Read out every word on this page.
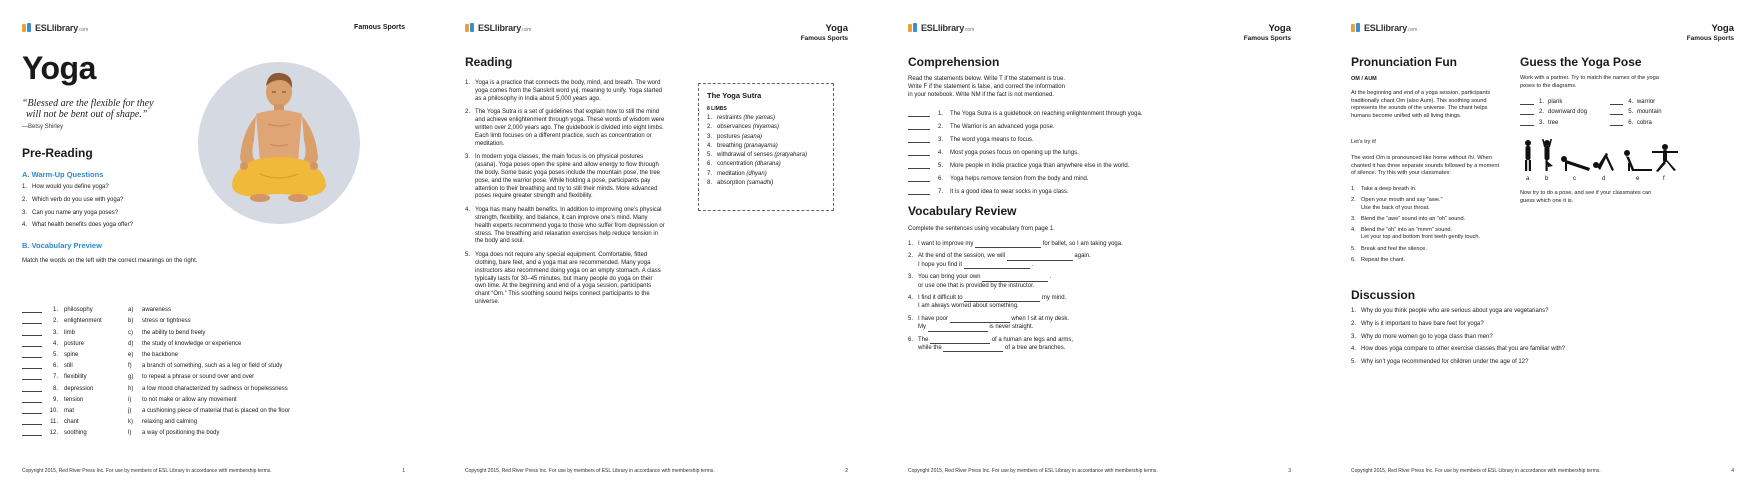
ESLlibrary.com	Famous Sports
Yoga
“Blessed are the flexible for they
will not be bent out of shape.”
—Betsy Shirley
Pre-Reading
A. Warm-Up Questions
1. How would you define yoga?
2. Which verb do you use with yoga?
3. Can you name any yoga poses?
4. What health benefits does yoga offer?
B. Vocabulary Preview
Match the words on the left with the correct meanings on the right.
1. philosophy	a)	awareness
2. enlightenment	b)	stress or tightness
3. limb	c)	the ability to bend freely
4. posture	d)	the study of knowledge or experience
5. spine	e)	the backbone
6. still	f)	a branch of something, such as a leg or field of study
7. flexibility	g)	to repeat a phrase or sound over and over
8. depression	h)	a low mood characterized by sadness or hopelessness
9. tension	i)	to not make or allow any movement
10. mat	j)	a cushioning piece of material that is placed on the floor
11. chant	k)	relaxing and calming
12. soothing	l)	a way of positioning the body
Copyright 2015, Red River Press Inc. For use by members of ESL Library in accordance with membership terms.	1
ESLlibrary.com	Yoga
Famous Sports
Reading
1. Yoga is a practice that connects the body, mind, and breath. The word yoga comes from the Sanskrit word yuj, meaning to unify. Yoga started as a philosophy in India about 5,000 years ago.
2. The Yoga Sutra is a set of guidelines that explain how to still the mind and achieve enlightenment through yoga. These words of wisdom were written over 2,000 years ago. The guidebook is divided into eight limbs. Each limb focuses on a different practice, such as concentration or meditation.
3. In modern yoga classes, the main focus is on physical postures (asana). Yoga poses open the spine and allow energy to flow through the body. Some basic yoga poses include the mountain pose, the tree pose, and the warrior pose. While holding a pose, participants pay attention to their breathing and try to still their minds. More advanced poses require greater strength and flexibility.
4. Yoga has many health benefits. In addition to improving one’s physical strength, flexibility, and balance, it can improve one’s mind. Many health experts recommend yoga to those who suffer from depression or stress. The breathing and relaxation exercises help reduce tension in the body and soul.
5. Yoga does not require any special equipment. Comfortable, fitted clothing, bare feet, and a yoga mat are recommended. Many yoga instructors also recommend doing yoga on an empty stomach. A class typically lasts for 30–45 minutes, but many people do yoga on their own time. At the beginning and end of a yoga session, participants chant “Om.” This soothing sound helps connect participants to the universe.
The Yoga Sutra
8 LIMBS
1. restraints (the yamas)
2. observances (niyamas)
3. postures (asana)
4. breathing (pranayama)
5. withdrawal of senses (pratyahara)
6. concentration (dharana)
7. meditation (dhyan)
8. absorption (samadhi)
Copyright 2015, Red River Press Inc. For use by members of ESL Library in accordance with membership terms.	2
ESLlibrary.com	Yoga
Famous Sports
Comprehension
Read the statements below. Write T if the statement is true.
Write F if the statement is false, and correct the information
in your notebook. Write NM if the fact is not mentioned.
1.	The Yoga Sutra is a guidebook on reaching enlightenment through yoga.
2.	The Warrior is an advanced yoga pose.
3.	The word yoga means to focus.
4.	Most yoga poses focus on opening up the lungs.
5.	More people in India practice yoga than anywhere else in the world.
6.	Yoga helps remove tension from the body and mind.
7.	It is a good idea to wear socks in yoga class.
Vocabulary Review
Complete the sentences using vocabulary from page 1.
1. I want to improve my	for ballet, so I am taking yoga.
2. At the end of the session, we will	again.
I hope you find it	.
3. You can bring your own	.
or use one that is provided by the instructor.
4. I find it difficult to	my mind.
I am always worried about something.
5. I have poor	when I sit at my desk.
My	is never straight.
6. The	of a human are legs and arms,
while the	of a tree are branches.
Copyright 2015, Red River Press Inc. For use by members of ESL Library in accordance with membership terms.	3
ESLlibrary.com	Yoga
Famous Sports
Pronunciation Fun
OM / AUM
At the beginning and end of a yoga session, participants traditionally chant Om (also Aum). This soothing sound represents the sounds of the universe. The chant helps humans become unified with all living things.
Let’s try it!
The word Om is pronounced like home without /h/. When chanted it has three separate sounds followed by a moment of silence. Try this with your classmates:
1. Take a deep breath in.
2. Open your mouth and say “awe.”
Use the back of your throat.
3. Blend the “awe” sound into an “oh” sound.
4. Blend the “oh” into an “mmm” sound.
Let your top and bottom front teeth gently touch.
5. Break and feel the silence.
6. Repeat the chant.
Guess the Yoga Pose
Work with a partner. Try to match the names of the yoga poses to the diagrams.
1. plank	4. warrior
2. downward dog	5. mountain
3. tree	6. cobra
a	b	c	d	e	f
Now try to do a pose, and see if your classmates can guess which one it is.
Discussion
1. Why do you think people who are serious about yoga are vegetarians?
2. Why is it important to have bare feet for yoga?
3. Why do more women go to yoga class than men?
4. How does yoga compare to other exercise classes that you are familiar with?
5. Why isn’t yoga recommended for children under the age of 12?
Copyright 2015, Red River Press Inc. For use by members of ESL Library in accordance with membership terms.	4
